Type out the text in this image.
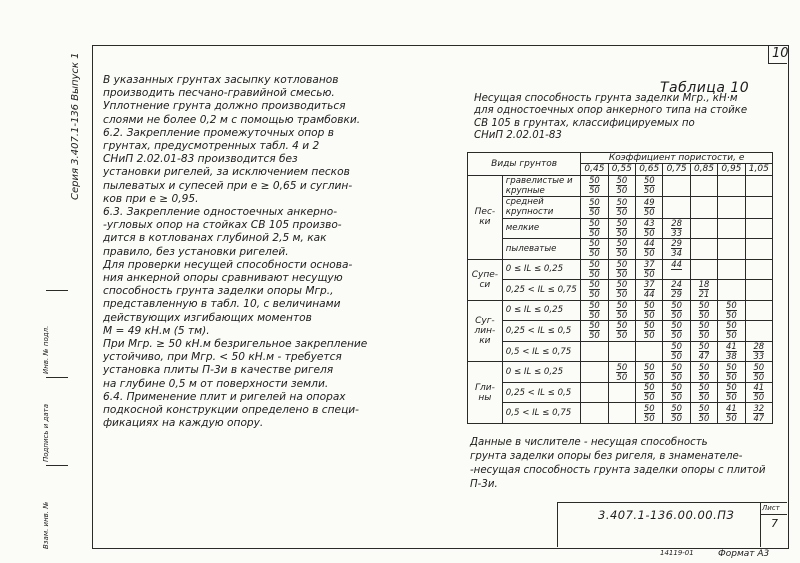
10
В указанных грунтах засыпку котлованов
производить песчано-гравийной смесью.
Уплотнение грунта должно производиться
слоями не более 0,2 м с помощью трамбовки.
6.2. Закрепление промежуточных опор в
грунтах, предусмотренных табл. 4 и 2
СНиП 2.02.01-83 производится без
установки ригелей, за исключением песков
пылеватых и супесей при е ≥ 0,65 и суглин-
ков при е ≥ 0,95.
6.3. Закрепление одностоечных анкерно-
-угловых опор на стойках СВ 105 произво-
дится в котлованах глубиной 2,5 м, как
правило, без установки ригелей.
Для проверки несущей способности основа-
ния анкерной опоры сравнивают несущую
способность грунта заделки опоры Мгр.,
представленную в табл. 10, с величинами
действующих изгибающих моментов
М = 49 кН.м (5 тм).
При Мгр. ≥ 50 кН.м безригельное закрепление
устойчиво, при Мгр. < 50 кН.м - требуется
установка плиты П-3и в качестве ригеля
на глубине 0,5 м от поверхности земли.
6.4. Применение плит и ригелей на опорах
подкосной конструкции определено в специ-
фикациях на каждую опору.
Серия 3.407.1-136 Выпуск 1
Инв. № подл.
Подпись и дата
Взам. инв. №
Таблица 10
Несущая способность грунта заделки Мгр., кН·м
для одностоечных опор анкерного типа на стойке
СВ 105 в грунтах, классифицируемых по
СНиП 2.02.01-83
Виды грунтов		Коэффициент пористости, е						
		0,45	0,55	0,65	0,75	0,85	0,95	1,05
Пес- ки	гравелистые и крупные	$\frac{50}{50}$	$\frac{50}{50}$	$\frac{50}{50}$

	средней крупности	$\frac{50}{50}$	$\frac{50}{50}$	$\frac{49}{50}$

	мелкие	$\frac{50}{50}$	$\frac{50}{50}$	$\frac{43}{50}$	$\frac{28}{33}$

	пылеватые	$\frac{50}{50}$	$\frac{50}{50}$	$\frac{44}{50}$	$\frac{29}{34}$

Супе- си	0 ≤ IL ≤ 0,25	$\frac{50}{50}$	$\frac{50}{50}$	$\frac{37}{50}$	44			

	0,25 < IL ≤ 0,75	$\frac{50}{50}$	$\frac{50}{50}$	$\frac{37}{44}$	$\frac{24}{29}$	$\frac{18}{21}$

Суг- лин- ки	0 ≤ IL ≤ 0,25	$\frac{50}{50}$	$\frac{50}{50}$	$\frac{50}{50}$	$\frac{50}{50}$	$\frac{50}{50}$	$\frac{50}{50}$

	0,25 < IL ≤ 0,5	$\frac{50}{50}$	$\frac{50}{50}$	$\frac{50}{50}$	$\frac{50}{50}$	$\frac{50}{50}$	$\frac{50}{50}$

	0,5 < IL ≤ 0,75				$\frac{50}{50}$	$\frac{50}{47}$	$\frac{41}{38}$	$\frac{28}{33}$

Гли- ны	0 ≤ IL ≤ 0,25		$\frac{50}{50}$	$\frac{50}{50}$	$\frac{50}{50}$	$\frac{50}{50}$	$\frac{50}{50}$	$\frac{50}{50}$

	0,25 < IL ≤ 0,5			$\frac{50}{50}$	$\frac{50}{50}$	$\frac{50}{50}$	$\frac{50}{50}$	$\frac{41}{50}$

	0,5 < IL ≤ 0,75			$\frac{50}{50}$	$\frac{50}{50}$	$\frac{50}{50}$	$\frac{41}{50}$	$\frac{32}{47}$
Данные в числителе - несущая способность
грунта заделки опоры без ригеля, в знаменателе-
-несущая способность грунта заделки опоры с плитой
П-3и.
3.407.1-136.00.00.ПЗ	Лист
7
14119-01	Формат А3
